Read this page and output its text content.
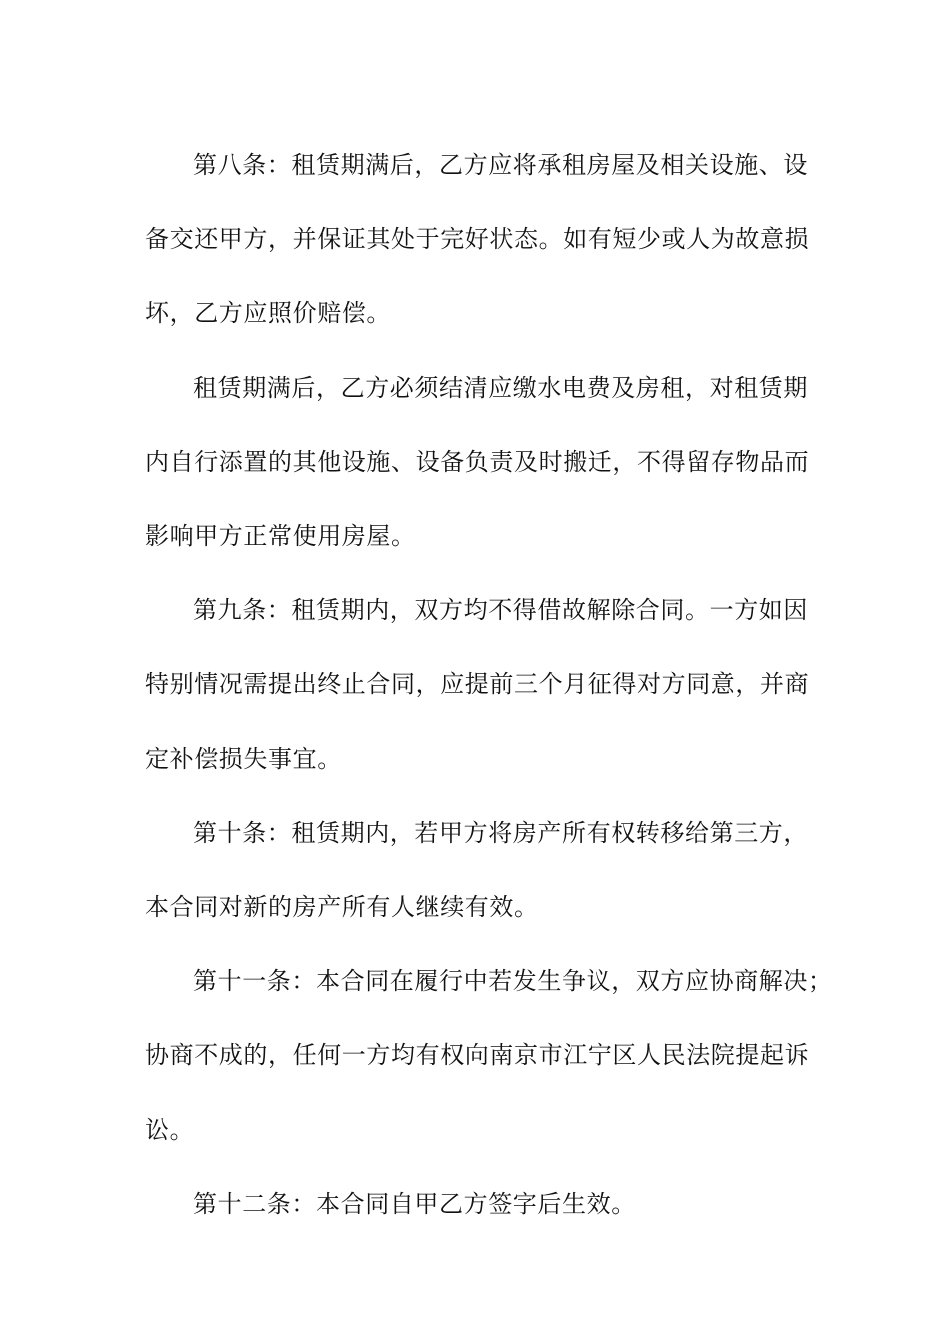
第八条：租赁期满后，乙方应将承租房屋及相关设施、设
备交还甲方，并保证其处于完好状态。如有短少或人为故意损
坏，乙方应照价赔偿。

租赁期满后，乙方必须结清应缴水电费及房租，对租赁期
内自行添置的其他设施、设备负责及时搬迁，不得留存物品而
影响甲方正常使用房屋。

第九条：租赁期内，双方均不得借故解除合同。一方如因
特别情况需提出终止合同，应提前三个月征得对方同意，并商
定补偿损失事宜。

第十条：租赁期内，若甲方将房产所有权转移给第三方，
本合同对新的房产所有人继续有效。

第十一条：本合同在履行中若发生争议，双方应协商解决；
协商不成的，任何一方均有权向南京市江宁区人民法院提起诉
讼。

第十二条：本合同自甲乙方签字后生效。
